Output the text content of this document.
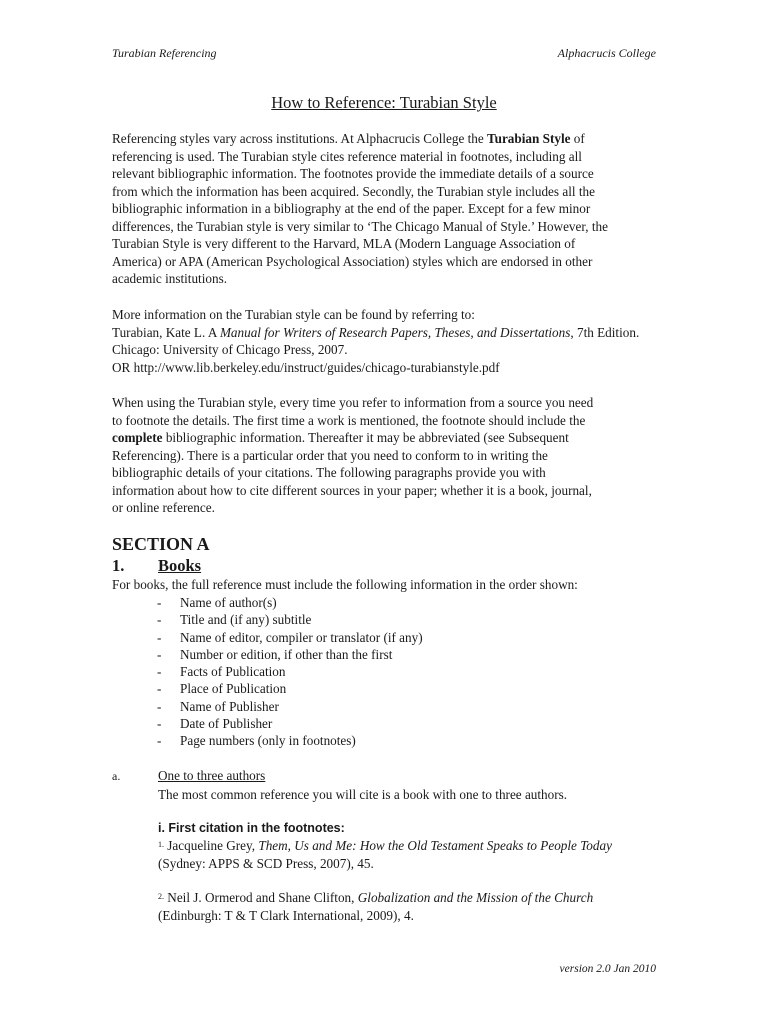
Turabian Referencing	Alphacrucis College
How to Reference: Turabian Style
Referencing styles vary across institutions. At Alphacrucis College the Turabian Style of
referencing is used. The Turabian style cites reference material in footnotes, including all
relevant bibliographic information. The footnotes provide the immediate details of a source
from which the information has been acquired. Secondly, the Turabian style includes all the
bibliographic information in a bibliography at the end of the paper. Except for a few minor
differences, the Turabian style is very similar to ‘The Chicago Manual of Style.’ However, the
Turabian Style is very different to the Harvard, MLA (Modern Language Association of
America) or APA (American Psychological Association) styles which are endorsed in other
academic institutions.
More information on the Turabian style can be found by referring to:
Turabian, Kate L. A Manual for Writers of Research Papers, Theses, and Dissertations, 7th Edition.
Chicago: University of Chicago Press, 2007.
OR http://www.lib.berkeley.edu/instruct/guides/chicago-turabianstyle.pdf
When using the Turabian style, every time you refer to information from a source you need
to footnote the details. The first time a work is mentioned, the footnote should include the
complete bibliographic information. Thereafter it may be abbreviated (see Subsequent
Referencing). There is a particular order that you need to conform to in writing the
bibliographic details of your citations. The following paragraphs provide you with
information about how to cite different sources in your paper; whether it is a book, journal,
or online reference.
SECTION A
1. Books
For books, the full reference must include the following information in the order shown:
- Name of author(s)
- Title and (if any) subtitle
- Name of editor, compiler or translator (if any)
- Number or edition, if other than the first
- Facts of Publication
- Place of Publication
- Name of Publisher
- Date of Publisher
- Page numbers (only in footnotes)
a.	One to three authors
The most common reference you will cite is a book with one to three authors.
i. First citation in the footnotes:
$^{1.}$ Jacqueline Grey, Them, Us and Me: How the Old Testament Speaks to People Today
(Sydney: APPS & SCD Press, 2007), 45.
$^{2.}$ Neil J. Ormerod and Shane Clifton, Globalization and the Mission of the Church
(Edinburgh: T & T Clark International, 2009), 4.
version 2.0 Jan 2010
